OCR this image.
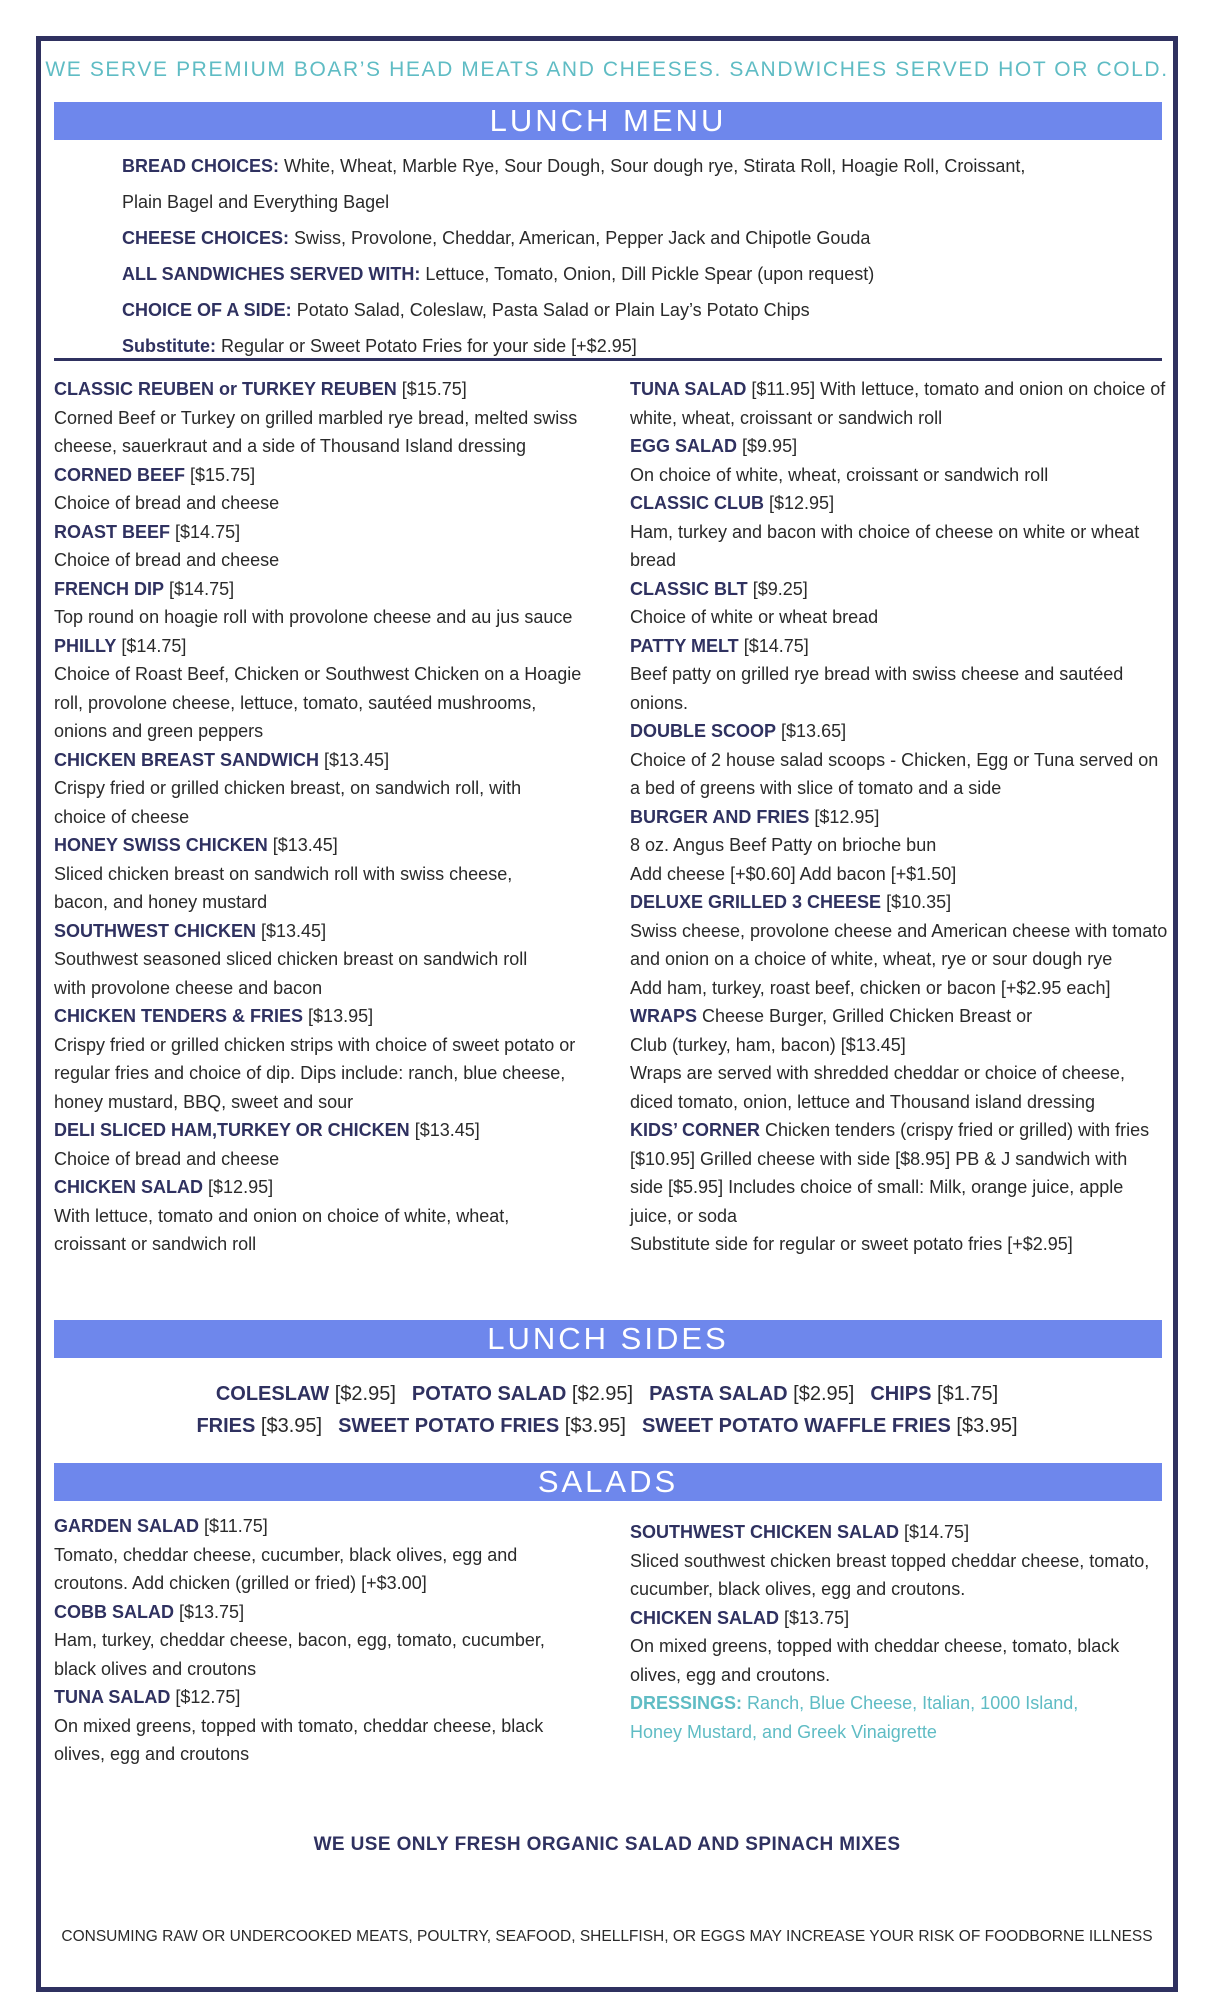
WE SERVE PREMIUM BOAR’S HEAD MEATS AND CHEESES. SANDWICHES SERVED HOT OR COLD.
LUNCH MENU
BREAD CHOICES: White, Wheat, Marble Rye, Sour Dough, Sour dough rye, Stirata Roll, Hoagie Roll, Croissant,
Plain Bagel and Everything Bagel
CHEESE CHOICES: Swiss, Provolone, Cheddar, American, Pepper Jack and Chipotle Gouda
ALL SANDWICHES SERVED WITH: Lettuce, Tomato, Onion, Dill Pickle Spear (upon request)
CHOICE OF A SIDE: Potato Salad, Coleslaw, Pasta Salad or Plain Lay’s Potato Chips
Substitute: Regular or Sweet Potato Fries for your side [+$2.95]
CLASSIC REUBEN or TURKEY REUBEN [$15.75]
Corned Beef or Turkey on grilled marbled rye bread, melted swiss
cheese, sauerkraut and a side of Thousand Island dressing
CORNED BEEF [$15.75]
Choice of bread and cheese
ROAST BEEF [$14.75]
Choice of bread and cheese
FRENCH DIP [$14.75]
Top round on hoagie roll with provolone cheese and au jus sauce
PHILLY [$14.75]
Choice of Roast Beef, Chicken or Southwest Chicken on a Hoagie
roll, provolone cheese, lettuce, tomato, sautéed mushrooms,
onions and green peppers
CHICKEN BREAST SANDWICH [$13.45]
Crispy fried or grilled chicken breast, on sandwich roll, with
choice of cheese
HONEY SWISS CHICKEN [$13.45]
Sliced chicken breast on sandwich roll with swiss cheese,
bacon, and honey mustard
SOUTHWEST CHICKEN [$13.45]
Southwest seasoned sliced chicken breast on sandwich roll
with provolone cheese and bacon
CHICKEN TENDERS & FRIES [$13.95]
Crispy fried or grilled chicken strips with choice of sweet potato or
regular fries and choice of dip. Dips include: ranch, blue cheese,
honey mustard, BBQ, sweet and sour
DELI SLICED HAM,TURKEY OR CHICKEN [$13.45]
Choice of bread and cheese
CHICKEN SALAD [$12.95]
With lettuce, tomato and onion on choice of white, wheat,
croissant or sandwich roll
TUNA SALAD [$11.95] With lettuce, tomato and onion on choice of
white, wheat, croissant or sandwich roll
EGG SALAD [$9.95]
On choice of white, wheat, croissant or sandwich roll
CLASSIC CLUB [$12.95]
Ham, turkey and bacon with choice of cheese on white or wheat
bread
CLASSIC BLT [$9.25]
Choice of white or wheat bread
PATTY MELT [$14.75]
Beef patty on grilled rye bread with swiss cheese and sautéed
onions.
DOUBLE SCOOP [$13.65]
Choice of 2 house salad scoops - Chicken, Egg or Tuna served on
a bed of greens with slice of tomato and a side
BURGER AND FRIES [$12.95]
8 oz. Angus Beef Patty on brioche bun
Add cheese [+$0.60] Add bacon [+$1.50]
DELUXE GRILLED 3 CHEESE [$10.35]
Swiss cheese, provolone cheese and American cheese with tomato
and onion on a choice of white, wheat, rye or sour dough rye
Add ham, turkey, roast beef, chicken or bacon [+$2.95 each]
WRAPS Cheese Burger, Grilled Chicken Breast or
Club (turkey, ham, bacon) [$13.45]
Wraps are served with shredded cheddar or choice of cheese,
diced tomato, onion, lettuce and Thousand island dressing
KIDS’ CORNER Chicken tenders (crispy fried or grilled) with fries
[$10.95] Grilled cheese with side [$8.95] PB & J sandwich with
side [$5.95] Includes choice of small: Milk, orange juice, apple
juice, or soda
Substitute side for regular or sweet potato fries [+$2.95]
LUNCH SIDES
COLESLAW [$2.95] POTATO SALAD [$2.95] PASTA SALAD [$2.95] CHIPS [$1.75]
FRIES [$3.95] SWEET POTATO FRIES [$3.95] SWEET POTATO WAFFLE FRIES [$3.95]
SALADS
GARDEN SALAD [$11.75]
Tomato, cheddar cheese, cucumber, black olives, egg and
croutons. Add chicken (grilled or fried) [+$3.00]
COBB SALAD [$13.75]
Ham, turkey, cheddar cheese, bacon, egg, tomato, cucumber,
black olives and croutons
TUNA SALAD [$12.75]
On mixed greens, topped with tomato, cheddar cheese, black
olives, egg and croutons
SOUTHWEST CHICKEN SALAD [$14.75]
Sliced southwest chicken breast topped cheddar cheese, tomato,
cucumber, black olives, egg and croutons.
CHICKEN SALAD [$13.75]
On mixed greens, topped with cheddar cheese, tomato, black
olives, egg and croutons.
DRESSINGS: Ranch, Blue Cheese, Italian, 1000 Island,
Honey Mustard, and Greek Vinaigrette
WE USE ONLY FRESH ORGANIC SALAD AND SPINACH MIXES
CONSUMING RAW OR UNDERCOOKED MEATS, POULTRY, SEAFOOD, SHELLFISH, OR EGGS MAY INCREASE YOUR RISK OF FOODBORNE ILLNESS
